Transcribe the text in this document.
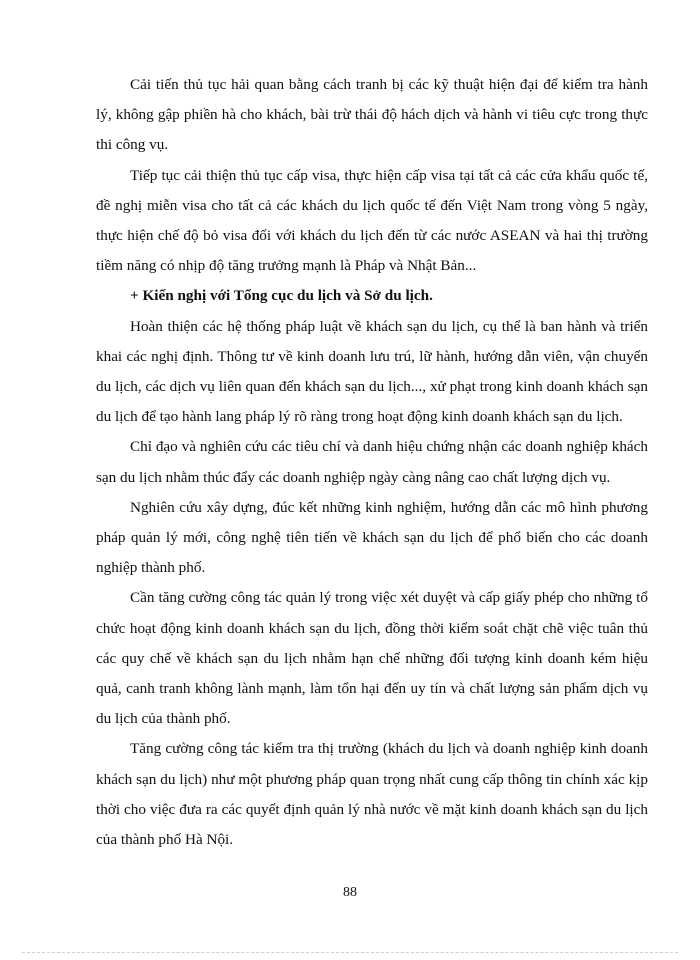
Cải tiến thủ tục hải quan bằng cách tranh bị các kỹ thuật hiện đại để kiểm tra hành lý, không gập phiền hà cho khách, bài trừ thái độ hách dịch và hành vi tiêu cực trong thực thi công vụ.

Tiếp tục cải thiện thủ tục cấp visa, thực hiện cấp visa tại tất cả các cửa khẩu quốc tế, đề nghị miễn visa cho tất cả các khách du lịch quốc tế đến Việt Nam trong vòng 5 ngày, thực hiện chế độ bỏ visa đối với khách du lịch đến từ các nước ASEAN và hai thị trường tiềm năng có nhịp độ tăng trưởng mạnh là Pháp và Nhật Bản...

+ Kiến nghị với Tổng cục du lịch và Sở du lịch.

Hoàn thiện các hệ thống pháp luật về khách sạn du lịch, cụ thể là ban hành và triển khai các nghị định. Thông tư về kinh doanh lưu trú, lữ hành, hướng dẫn viên, vận chuyển du lịch, các dịch vụ liên quan đến khách sạn du lịch..., xử phạt trong kinh doanh khách sạn du lịch để tạo hành lang pháp lý rõ ràng trong hoạt động kinh doanh khách sạn du lịch.

Chỉ đạo và nghiên cứu các tiêu chí và danh hiệu chứng nhận các doanh nghiệp khách sạn du lịch nhằm thúc đẩy các doanh nghiệp ngày càng nâng cao chất lượng dịch vụ.

Nghiên cứu xây dựng, đúc kết những kinh nghiệm, hướng dẫn các mô hình phương pháp quản lý mới, công nghệ tiên tiến về khách sạn du lịch để phổ biến cho các doanh nghiệp thành phố.

Cần tăng cường công tác quản lý trong việc xét duyệt và cấp giấy phép cho những tổ chức hoạt động kinh doanh khách sạn du lịch, đồng thời kiểm soát chặt chẽ việc tuân thủ các quy chế về khách sạn du lịch nhằm hạn chế những đối tượng kinh doanh kém hiệu quả, canh tranh không lành mạnh, làm tổn hại đến uy tín và chất lượng sản phẩm dịch vụ du lịch của thành phố.

Tăng cường công tác kiểm tra thị trường (khách du lịch và doanh nghiệp kinh doanh khách sạn du lịch) như một phương pháp quan trọng nhất cung cấp thông tin chính xác kịp thời cho việc đưa ra các quyết định quản lý nhà nước về mặt kinh doanh khách sạn du lịch của thành phố Hà Nội.

88
